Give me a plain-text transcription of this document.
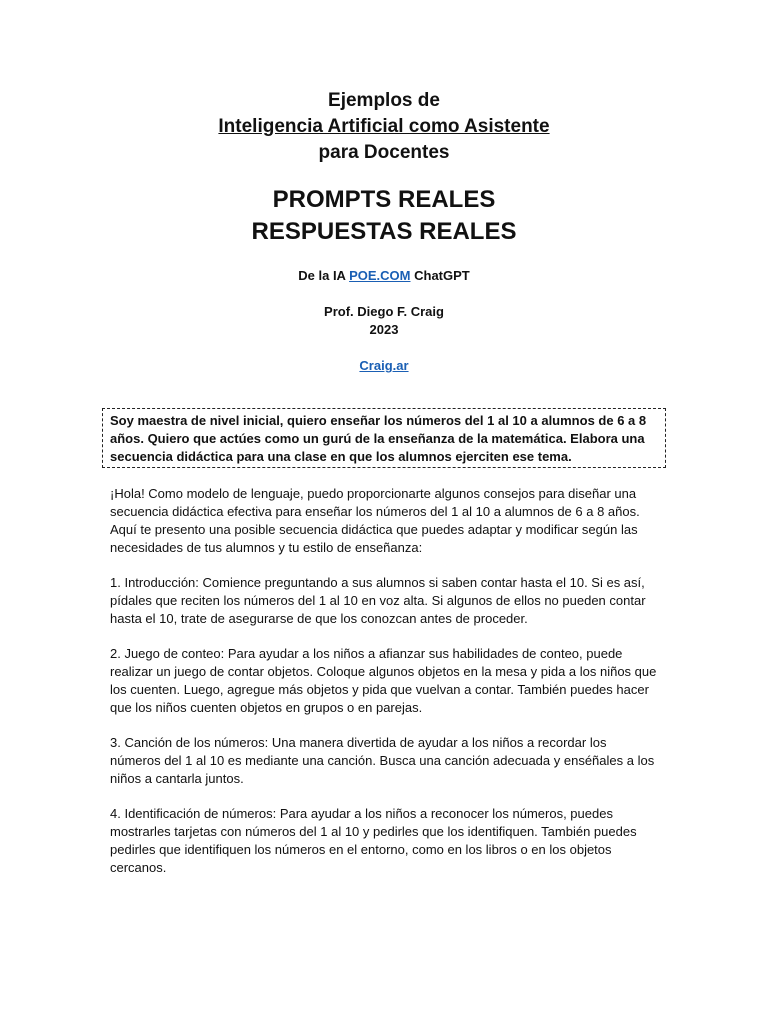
Ejemplos de
Inteligencia Artificial como Asistente
para Docentes
PROMPTS REALES
RESPUESTAS REALES
De la IA POE.COM ChatGPT
Prof. Diego F. Craig
2023
Craig.ar
Soy maestra de nivel inicial, quiero enseñar los números del 1 al 10 a alumnos de 6 a 8 años. Quiero que actúes como un gurú de la enseñanza de la matemática. Elabora una secuencia didáctica para una clase en que los alumnos ejerciten ese tema.

¡Hola! Como modelo de lenguaje, puedo proporcionarte algunos consejos para diseñar una secuencia didáctica efectiva para enseñar los números del 1 al 10 a alumnos de 6 a 8 años. Aquí te presento una posible secuencia didáctica que puedes adaptar y modificar según las necesidades de tus alumnos y tu estilo de enseñanza:

1. Introducción: Comience preguntando a sus alumnos si saben contar hasta el 10. Si es así, pídales que reciten los números del 1 al 10 en voz alta. Si algunos de ellos no pueden contar hasta el 10, trate de asegurarse de que los conozcan antes de proceder.

2. Juego de conteo: Para ayudar a los niños a afianzar sus habilidades de conteo, puede realizar un juego de contar objetos. Coloque algunos objetos en la mesa y pida a los niños que los cuenten. Luego, agregue más objetos y pida que vuelvan a contar. También puedes hacer que los niños cuenten objetos en grupos o en parejas.

3. Canción de los números: Una manera divertida de ayudar a los niños a recordar los números del 1 al 10 es mediante una canción. Busca una canción adecuada y enséñales a los niños a cantarla juntos.

4. Identificación de números: Para ayudar a los niños a reconocer los números, puedes mostrarles tarjetas con números del 1 al 10 y pedirles que los identifiquen. También puedes pedirles que identifiquen los números en el entorno, como en los libros o en los objetos cercanos.
